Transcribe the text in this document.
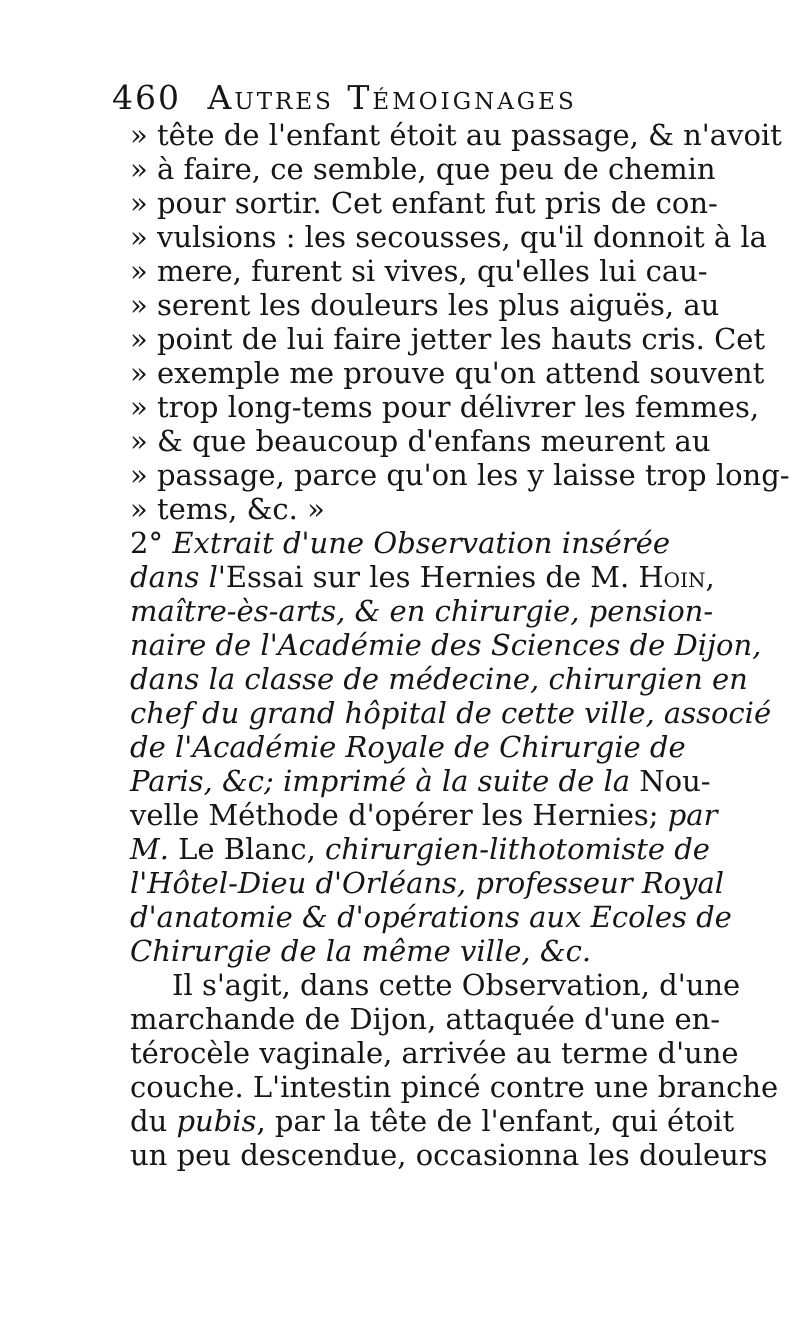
460 Autres Témoignages
» tête de l'enfant étoit au passage, & n'avoit
» à faire, ce semble, que peu de chemin
» pour sortir. Cet enfant fut pris de con-
» vulsions : les secousses, qu'il donnoit à la
» mere, furent si vives, qu'elles lui cau-
» serent les douleurs les plus aiguës, au
» point de lui faire jetter les hauts cris. Cet
» exemple me prouve qu'on attend souvent
» trop long-tems pour délivrer les femmes,
» & que beaucoup d'enfans meurent au
» passage, parce qu'on les y laisse trop long-
» tems, &c. »
2° Extrait d'une Observation insérée
dans l'Essai sur les Hernies de M. Hoin,
maître-ès-arts, & en chirurgie, pension-
naire de l'Académie des Sciences de Dijon,
dans la classe de médecine, chirurgien en
chef du grand hôpital de cette ville, associé
de l'Académie Royale de Chirurgie de
Paris, &c; imprimé à la suite de la Nou-
velle Méthode d'opérer les Hernies; par
M. Le Blanc, chirurgien-lithotomiste de
l'Hôtel-Dieu d'Orléans, professeur Royal
d'anatomie & d'opérations aux Ecoles de
Chirurgie de la même ville, &c.
Il s'agit, dans cette Observation, d'une
marchande de Dijon, attaquée d'une en-
térocèle vaginale, arrivée au terme d'une
couche. L'intestin pincé contre une branche
du pubis, par la tête de l'enfant, qui étoit
un peu descendue, occasionna les douleurs
